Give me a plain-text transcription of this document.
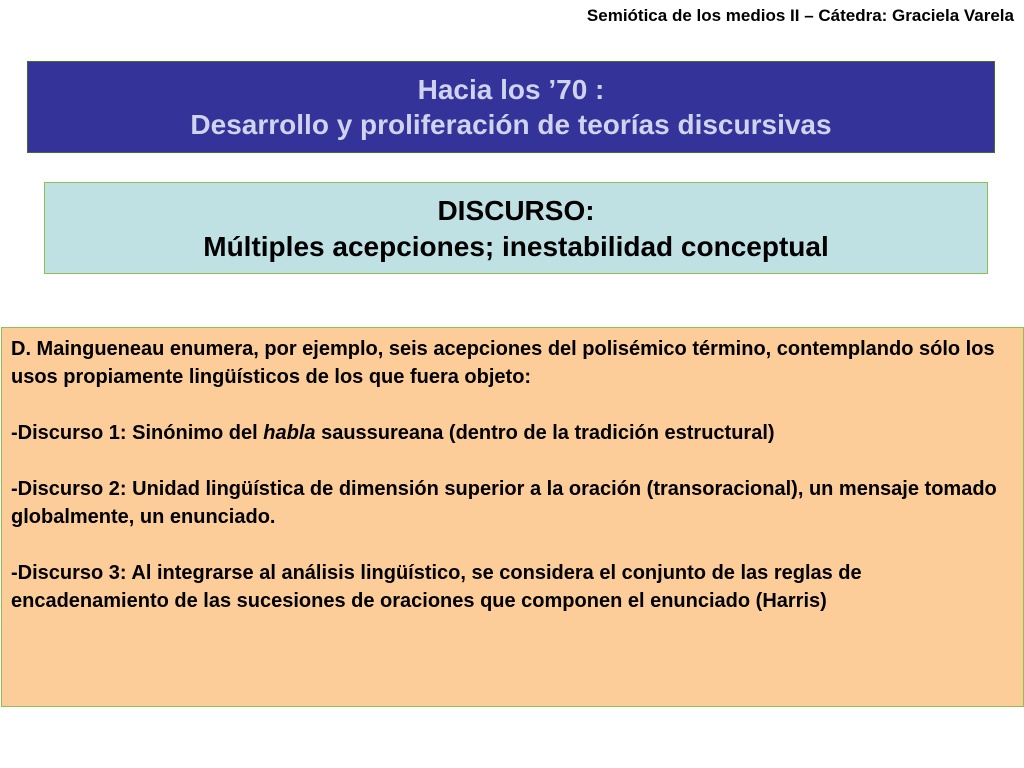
Semiótica de los medios II – Cátedra: Graciela Varela
Hacia los ’70 :
Desarrollo y proliferación de teorías discursivas
DISCURSO:
Múltiples acepciones; inestabilidad conceptual

D. Maingueneau enumera, por ejemplo, seis acepciones del polisémico término, contemplando sólo los usos propiamente lingüísticos de los que fuera objeto:

-Discurso 1: Sinónimo del habla saussureana (dentro de la tradición estructural)

-Discurso 2: Unidad lingüística de dimensión superior a la oración (transoracional), un mensaje tomado globalmente, un enunciado.

-Discurso 3: Al integrarse al análisis lingüístico, se considera el conjunto de las reglas de encadenamiento de las sucesiones de oraciones que componen el enunciado (Harris)
